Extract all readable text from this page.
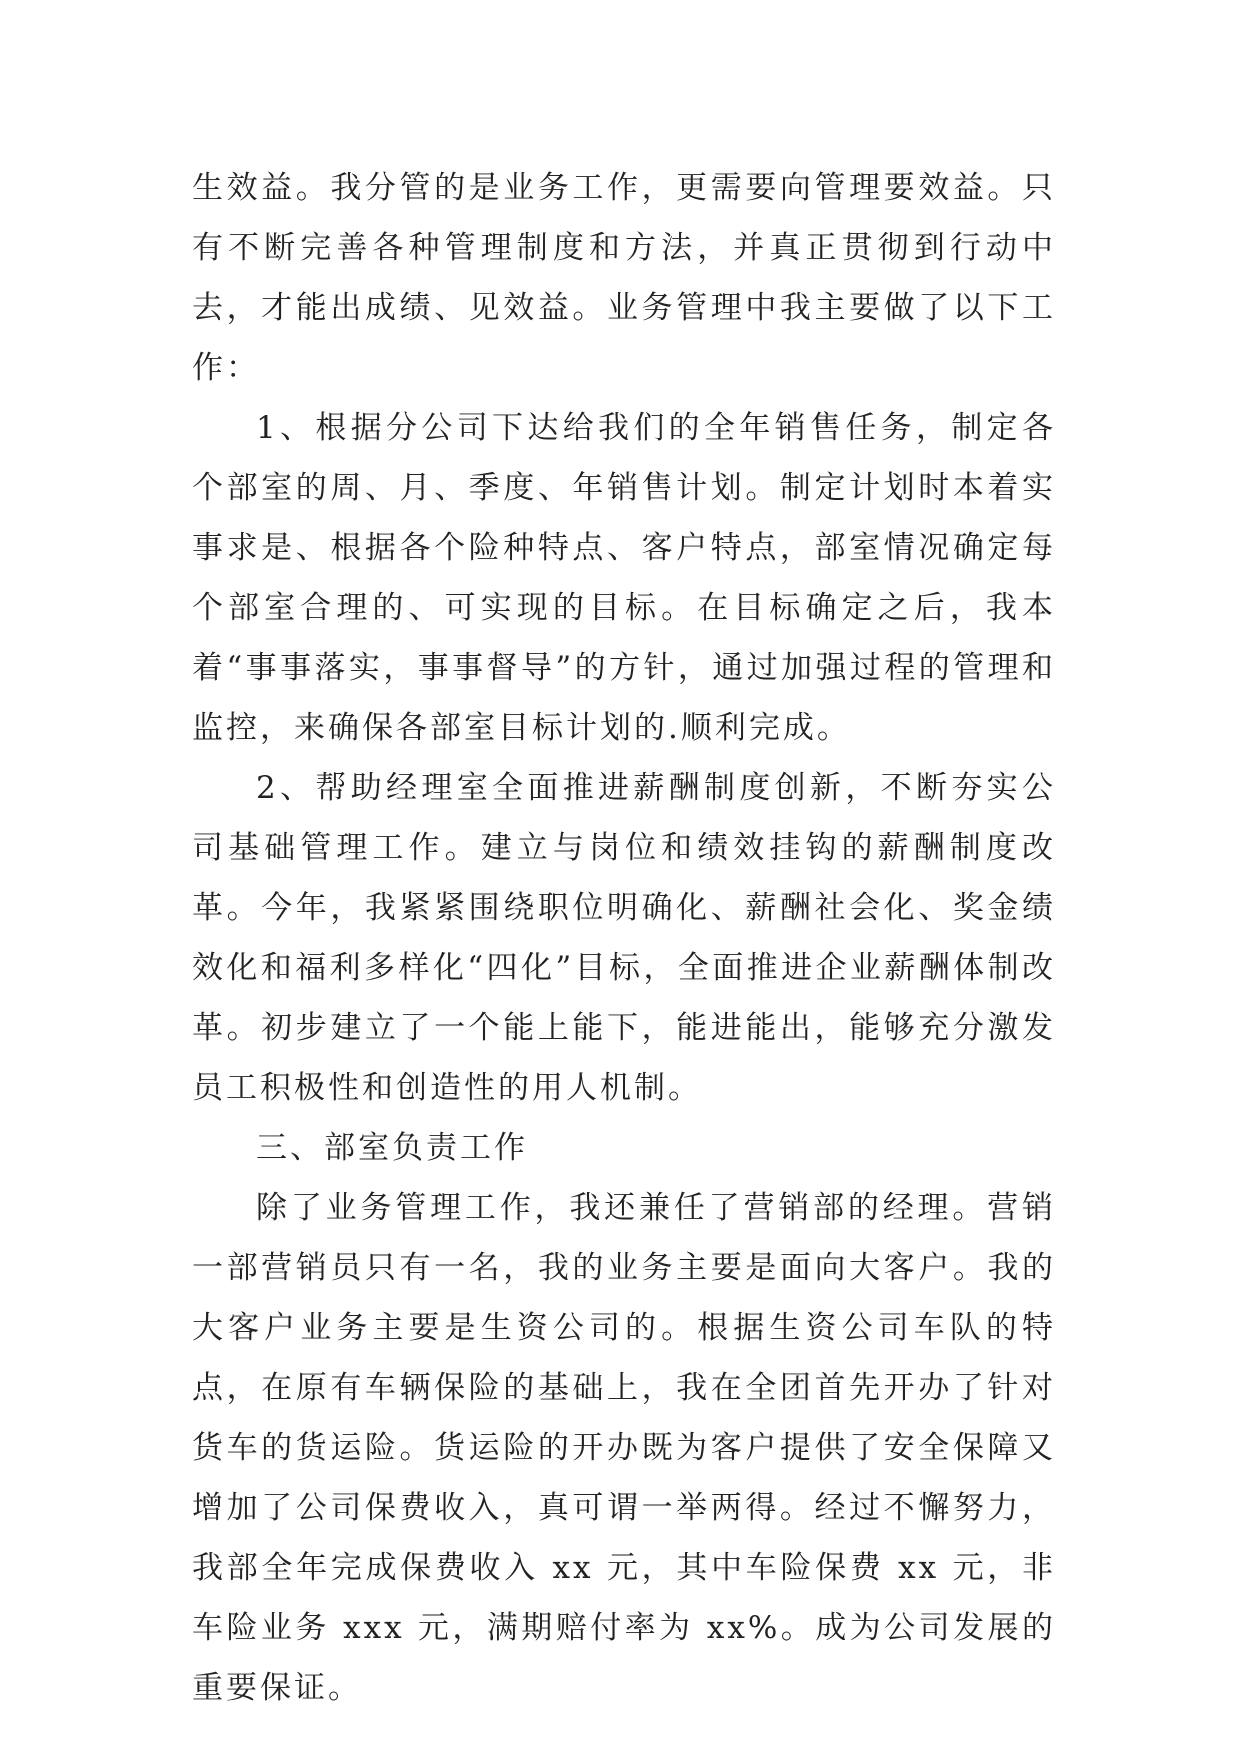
生效益。我分管的是业务工作，更需要向管理要效益。只有不断完善各种管理制度和方法，并真正贯彻到行动中去，才能出成绩、见效益。业务管理中我主要做了以下工作：

1、根据分公司下达给我们的全年销售任务，制定各个部室的周、月、季度、年销售计划。制定计划时本着实事求是、根据各个险种特点、客户特点，部室情况确定每个部室合理的、可实现的目标。在目标确定之后，我本着“事事落实，事事督导”的方针，通过加强过程的管理和监控，来确保各部室目标计划的.顺利完成。

2、帮助经理室全面推进薪酬制度创新，不断夯实公司基础管理工作。建立与岗位和绩效挂钩的薪酬制度改革。今年，我紧紧围绕职位明确化、薪酬社会化、奖金绩效化和福利多样化“四化”目标，全面推进企业薪酬体制改革。初步建立了一个能上能下，能进能出，能够充分激发员工积极性和创造性的用人机制。

三、部室负责工作

除了业务管理工作，我还兼任了营销部的经理。营销一部营销员只有一名，我的业务主要是面向大客户。我的大客户业务主要是生资公司的。根据生资公司车队的特点，在原有车辆保险的基础上，我在全团首先开办了针对货车的货运险。货运险的开办既为客户提供了安全保障又增加了公司保费收入，真可谓一举两得。经过不懈努力，我部全年完成保费收入 xx 元，其中车险保费 xx 元，非车险业务 xxx 元，满期赔付率为 xx%。成为公司发展的重要保证。
